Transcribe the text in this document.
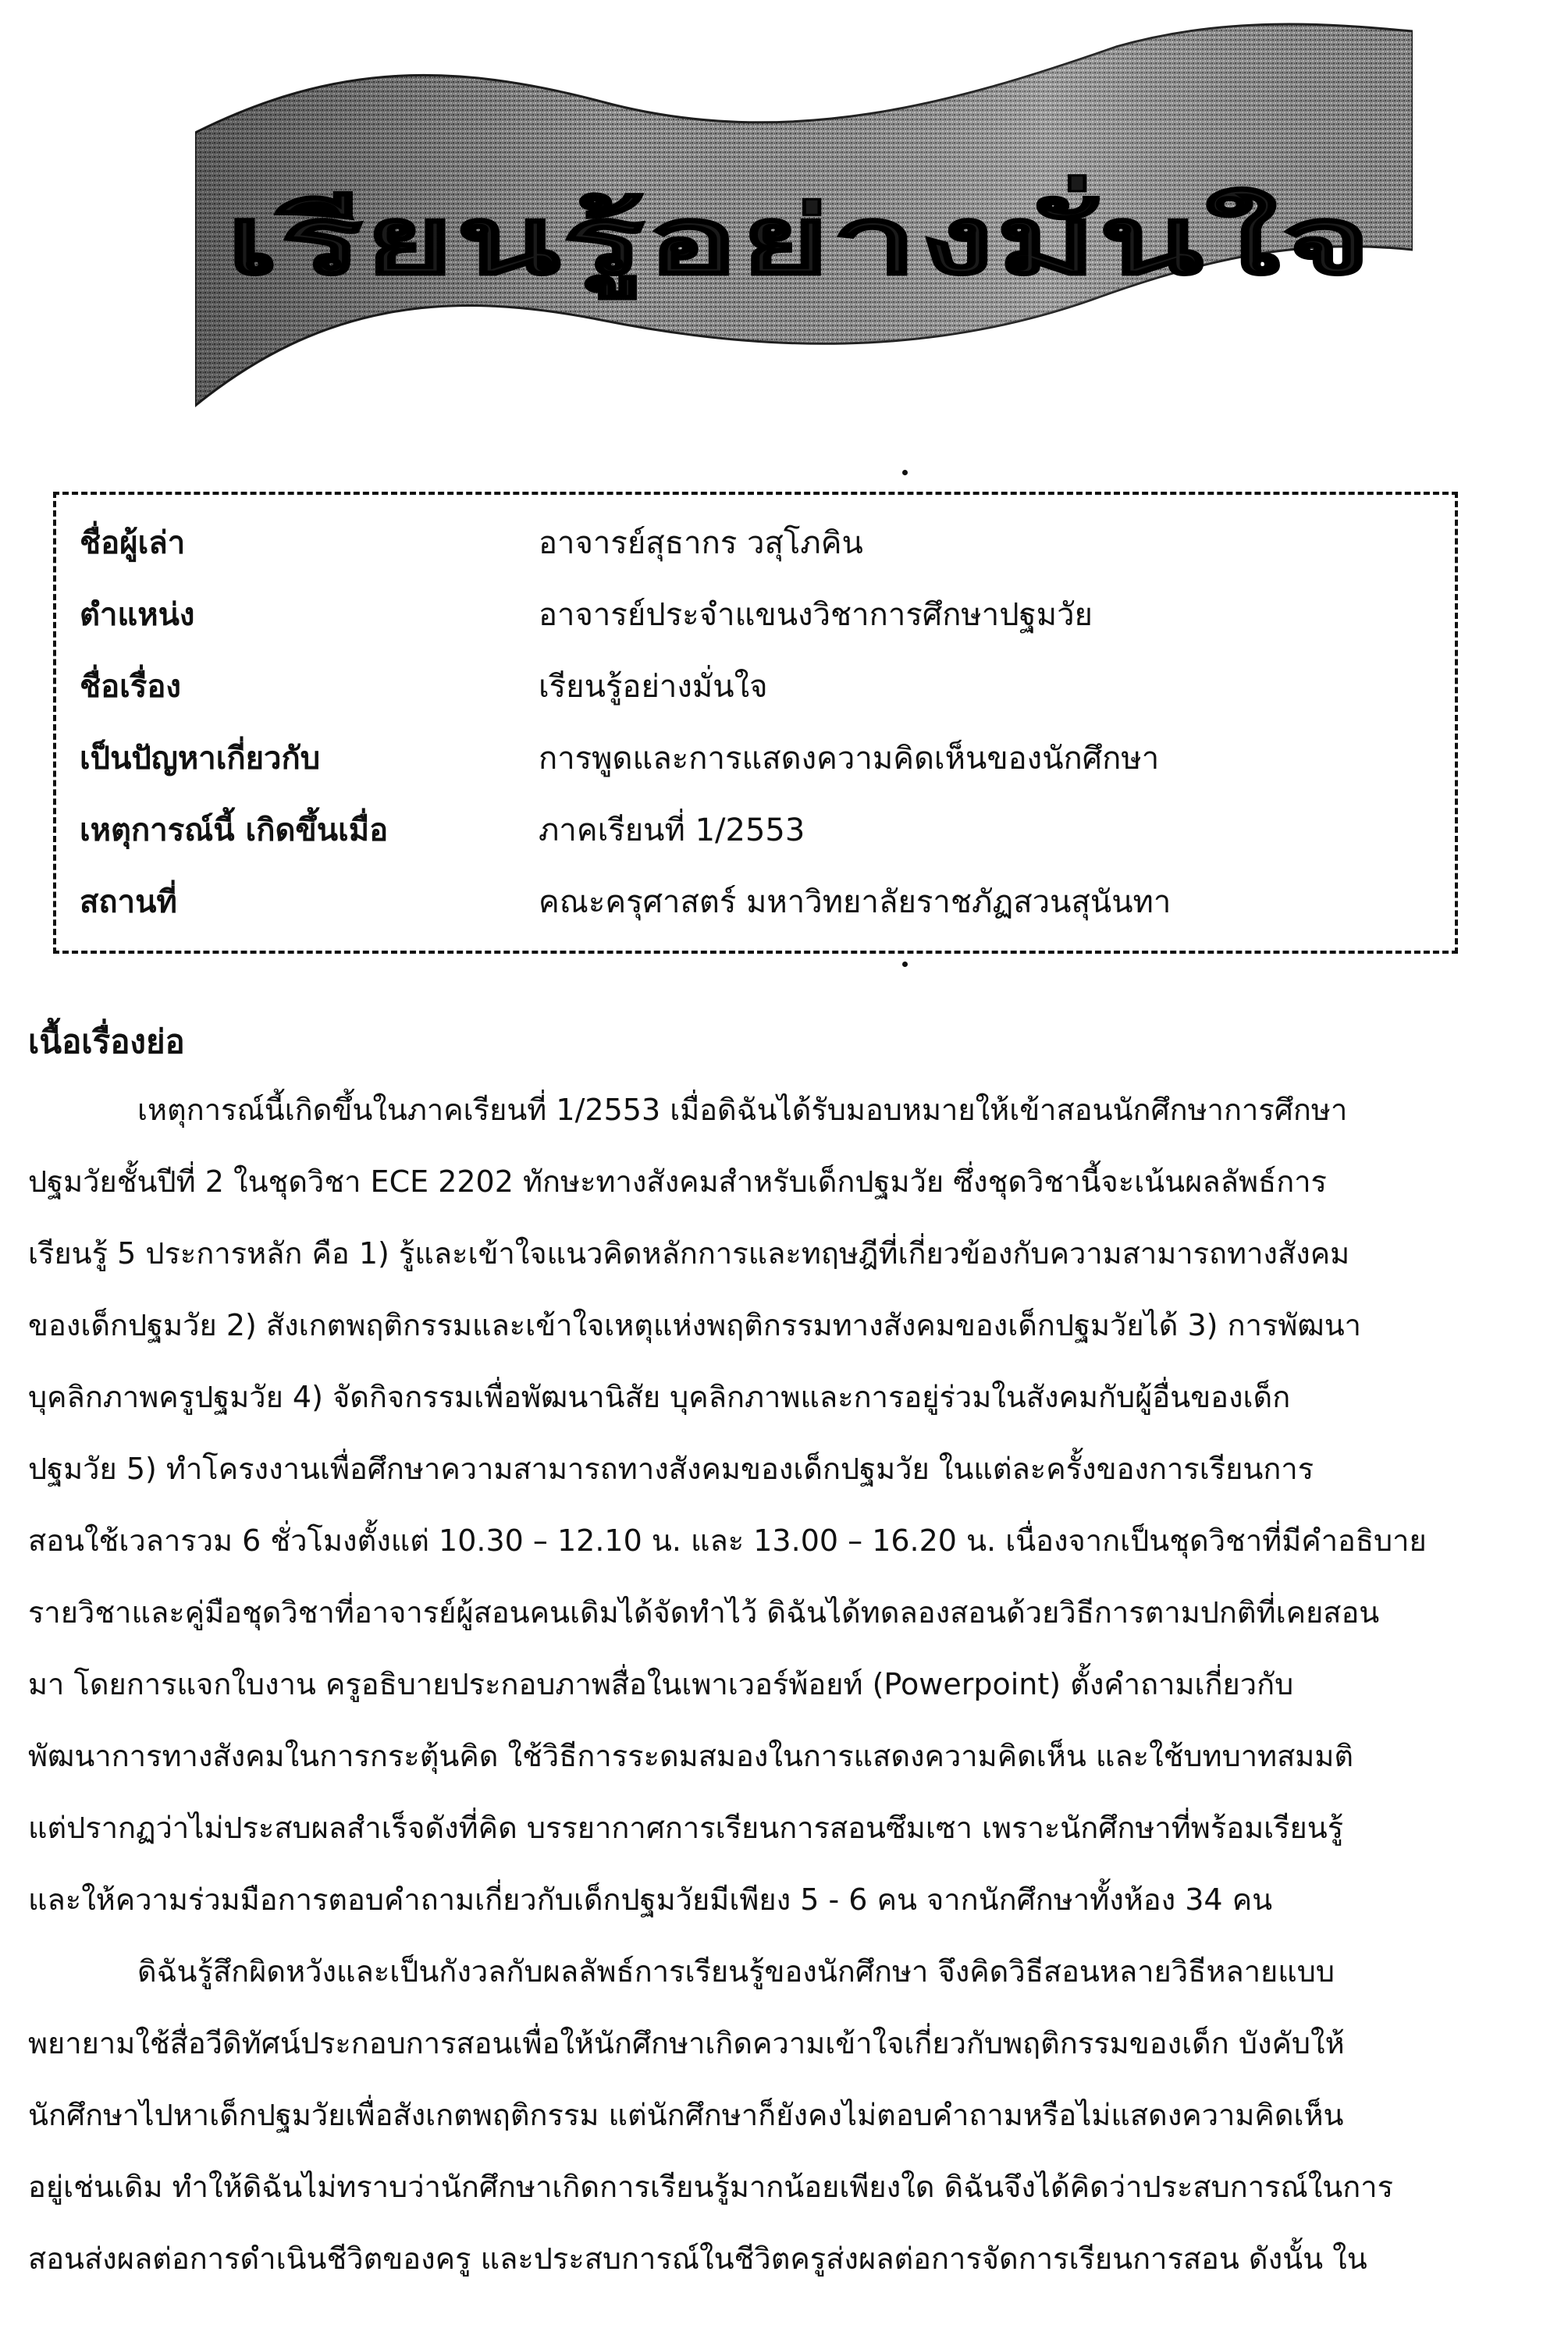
เรียนรู้อย่างมั่นใจ
ชื่อผู้เล่า	อาจารย์สุธากร วสุโภคิน
ตำแหน่ง	อาจารย์ประจำแขนงวิชาการศึกษาปฐมวัย
ชื่อเรื่อง	เรียนรู้อย่างมั่นใจ
เป็นปัญหาเกี่ยวกับ	การพูดและการแสดงความคิดเห็นของนักศึกษา
เหตุการณ์นี้ เกิดขึ้นเมื่อ	ภาคเรียนที่ 1/2553
สถานที่	คณะครุศาสตร์ มหาวิทยาลัยราชภัฏสวนสุนันทา
เนื้อเรื่องย่อ
เหตุการณ์นี้เกิดขึ้นในภาคเรียนที่ 1/2553 เมื่อดิฉันได้รับมอบหมายให้เข้าสอนนักศึกษาการศึกษา
ปฐมวัยชั้นปีที่ 2 ในชุดวิชา ECE 2202 ทักษะทางสังคมสำหรับเด็กปฐมวัย ซึ่งชุดวิชานี้จะเน้นผลลัพธ์การ
เรียนรู้ 5 ประการหลัก คือ 1) รู้และเข้าใจแนวคิดหลักการและทฤษฎีที่เกี่ยวข้องกับความสามารถทางสังคม
ของเด็กปฐมวัย 2) สังเกตพฤติกรรมและเข้าใจเหตุแห่งพฤติกรรมทางสังคมของเด็กปฐมวัยได้ 3) การพัฒนา
บุคลิกภาพครูปฐมวัย 4) จัดกิจกรรมเพื่อพัฒนานิสัย บุคลิกภาพและการอยู่ร่วมในสังคมกับผู้อื่นของเด็ก
ปฐมวัย 5) ทำโครงงานเพื่อศึกษาความสามารถทางสังคมของเด็กปฐมวัย ในแต่ละครั้งของการเรียนการ
สอนใช้เวลารวม 6 ชั่วโมงตั้งแต่ 10.30 – 12.10 น. และ 13.00 – 16.20 น. เนื่องจากเป็นชุดวิชาที่มีคำอธิบาย
รายวิชาและคู่มือชุดวิชาที่อาจารย์ผู้สอนคนเดิมได้จัดทำไว้ ดิฉันได้ทดลองสอนด้วยวิธีการตามปกติที่เคยสอน
มา โดยการแจกใบงาน ครูอธิบายประกอบภาพสื่อในเพาเวอร์พ้อยท์ (Powerpoint) ตั้งคำถามเกี่ยวกับ
พัฒนาการทางสังคมในการกระตุ้นคิด ใช้วิธีการระดมสมองในการแสดงความคิดเห็น และใช้บทบาทสมมติ
แต่ปรากฏว่าไม่ประสบผลสำเร็จดังที่คิด บรรยากาศการเรียนการสอนซึมเซา เพราะนักศึกษาที่พร้อมเรียนรู้
และให้ความร่วมมือการตอบคำถามเกี่ยวกับเด็กปฐมวัยมีเพียง 5 - 6 คน จากนักศึกษาทั้งห้อง 34 คน
ดิฉันรู้สึกผิดหวังและเป็นกังวลกับผลลัพธ์การเรียนรู้ของนักศึกษา จึงคิดวิธีสอนหลายวิธีหลายแบบ
พยายามใช้สื่อวีดิทัศน์ประกอบการสอนเพื่อให้นักศึกษาเกิดความเข้าใจเกี่ยวกับพฤติกรรมของเด็ก บังคับให้
นักศึกษาไปหาเด็กปฐมวัยเพื่อสังเกตพฤติกรรม แต่นักศึกษาก็ยังคงไม่ตอบคำถามหรือไม่แสดงความคิดเห็น
อยู่เช่นเดิม ทำให้ดิฉันไม่ทราบว่านักศึกษาเกิดการเรียนรู้มากน้อยเพียงใด ดิฉันจึงได้คิดว่าประสบการณ์ในการ
สอนส่งผลต่อการดำเนินชีวิตของครู และประสบการณ์ในชีวิตครูส่งผลต่อการจัดการเรียนการสอน ดังนั้น ใน
